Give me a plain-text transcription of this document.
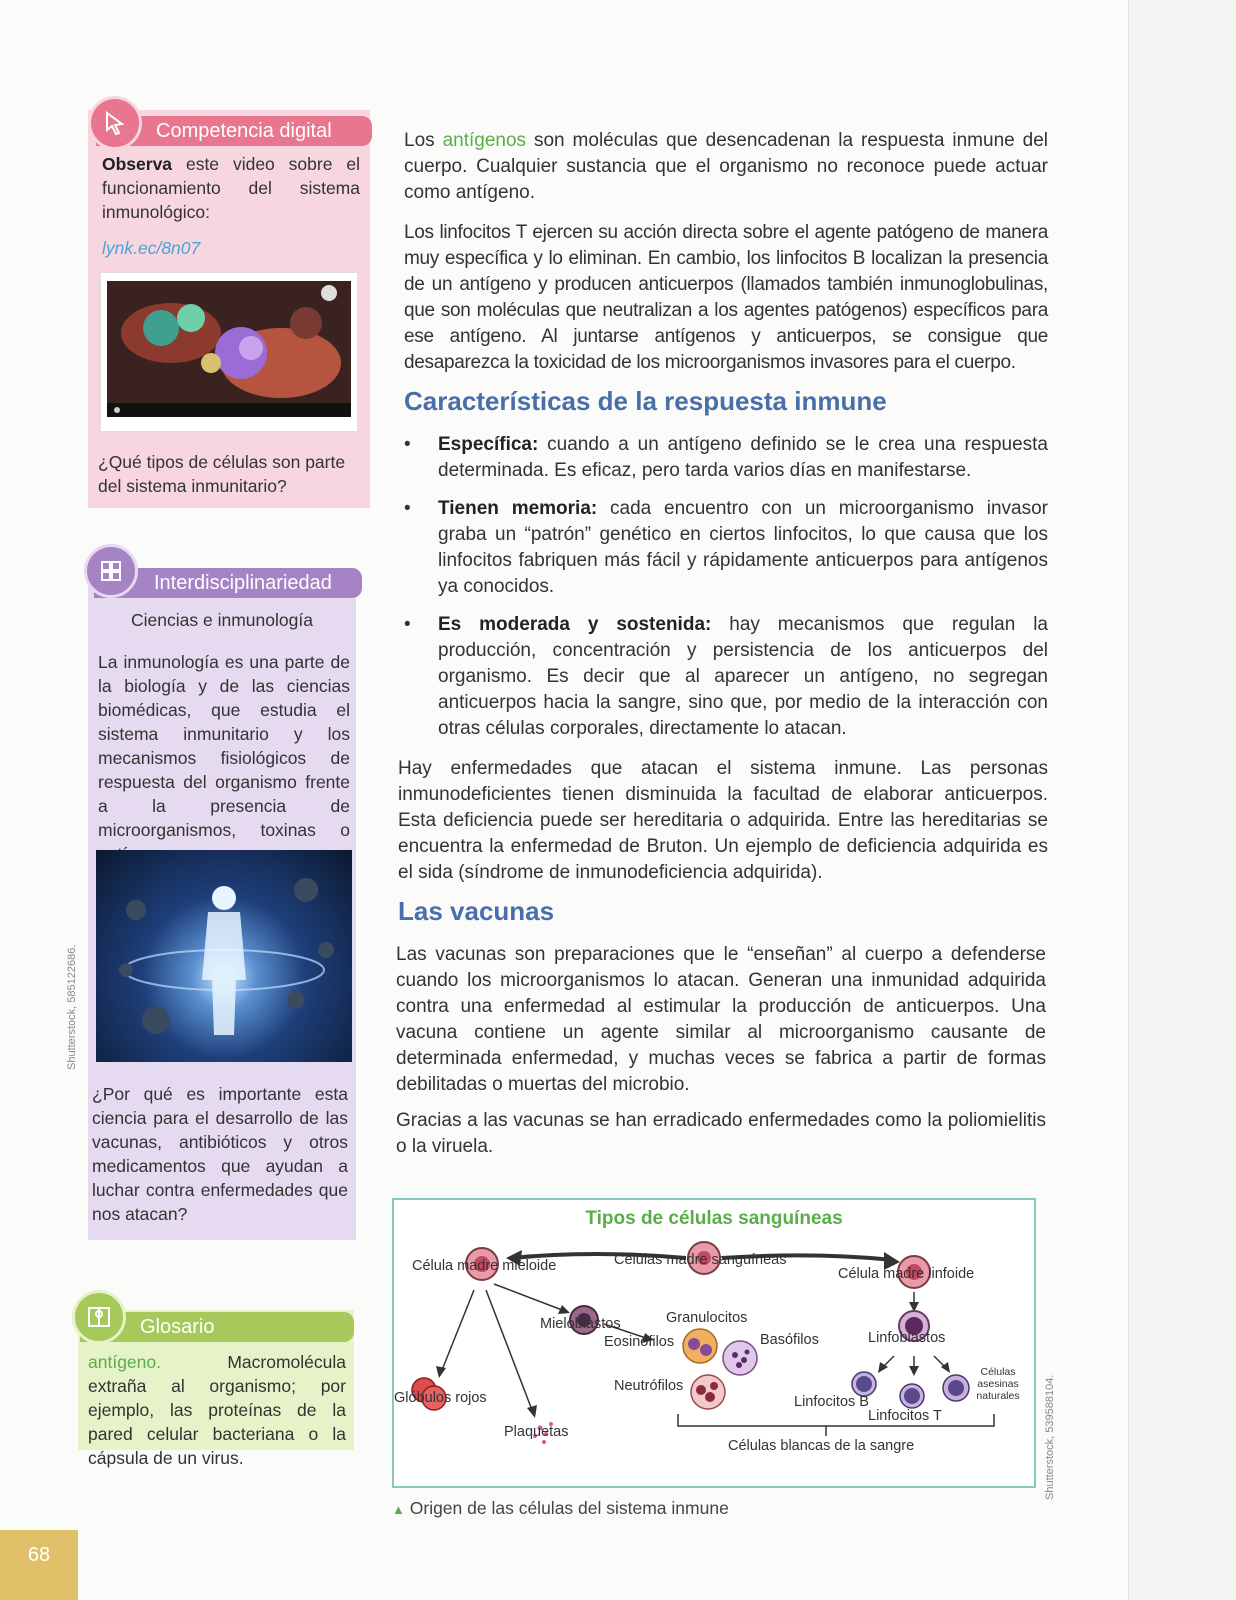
Competencia digital
Observa este video sobre el funcionamiento del sistema inmunológico:
lynk.ec/8n07
¿Qué tipos de células son parte del sistema inmunitario?
Interdisciplinariedad
Ciencias e inmunología
La inmunología es una parte de la biología y de las ciencias biomédicas, que estudia el sistema inmunitario y los mecanismos fisiológicos de respuesta del organismo frente a la presencia de microorganismos, toxinas o
¿Por qué es importante esta ciencia para el desarrollo de las vacunas, antibióticos y otros medicamentos que ayudan a luchar contra enfermedades que nos atacan?
Glosario
antígeno. Macromolécula extraña al organismo; por ejemplo, las proteínas de la pared celular bacteriana o la cápsula de un virus.
Shutterstock, 585122686.
Los antígenos son moléculas que desencadenan la respuesta inmune del cuerpo. Cualquier sustancia que el organismo no reconoce puede actuar como antígeno.
Los linfocitos T ejercen su acción directa sobre el agente patógeno de manera muy específica y lo eliminan. En cambio, los linfocitos B localizan la presencia de un antígeno y producen anticuerpos (llamados también inmunoglobulinas, que son moléculas que neutralizan a los agentes patógenos) específicos para ese antígeno. Al juntarse antígenos y anticuerpos, se consigue que desaparezca la toxicidad de los microorganismos invasores para el cuerpo.
Características de la respuesta inmune
•	Específica: cuando a un antígeno definido se le crea una respuesta determinada. Es eficaz, pero tarda varios días en manifestarse.
•	Tienen memoria: cada encuentro con un microorganismo invasor graba un “patrón” genético en ciertos linfocitos, lo que causa que los linfocitos fabriquen más fácil y rápidamente anticuerpos para antígenos ya conocidos.
•	Es moderada y sostenida: hay mecanismos que regulan la producción, concentración y persistencia de los anticuerpos del organismo. Es decir que al aparecer un antígeno, no segregan anticuerpos hacia la sangre, sino que, por medio de la interacción con otras células corporales, directamente lo atacan.
Hay enfermedades que atacan el sistema inmune. Las personas inmunodeficientes tienen disminuida la facultad de elaborar anticuerpos. Esta deficiencia puede ser hereditaria o adquirida. Entre las hereditarias se encuentra la enfermedad de Bruton. Un ejemplo de deficiencia adquirida es el sida (síndrome de inmunodeficiencia adquirida).
Las vacunas
Las vacunas son preparaciones que le “enseñan” al cuerpo a defenderse cuando los microorganismos lo atacan. Generan una inmunidad adquirida contra una enfermedad al estimular la producción de anticuerpos. Una vacuna contiene un agente similar al microorganismo causante de determinada enfermedad, y muchas veces se fabrica a partir de formas debilitadas o muertas del microbio.
Gracias a las vacunas se han erradicado enfermedades como la poliomielitis o la viruela.
Tipos de células sanguíneas
Células madre sanguíneas
Célula madre mieloide	Célula madre linfoide
Mieloblastos	Granulocitos
Eosinófilos	Basófilos
Neutrófilos
Glóbulos rojos
Plaquetas
Linfoblastos
Linfocitos B
Linfocitos T
Células asesinas naturales
Células blancas de la sangre
▲ Origen de las células del sistema inmune
Shutterstock, 539588104.
68
